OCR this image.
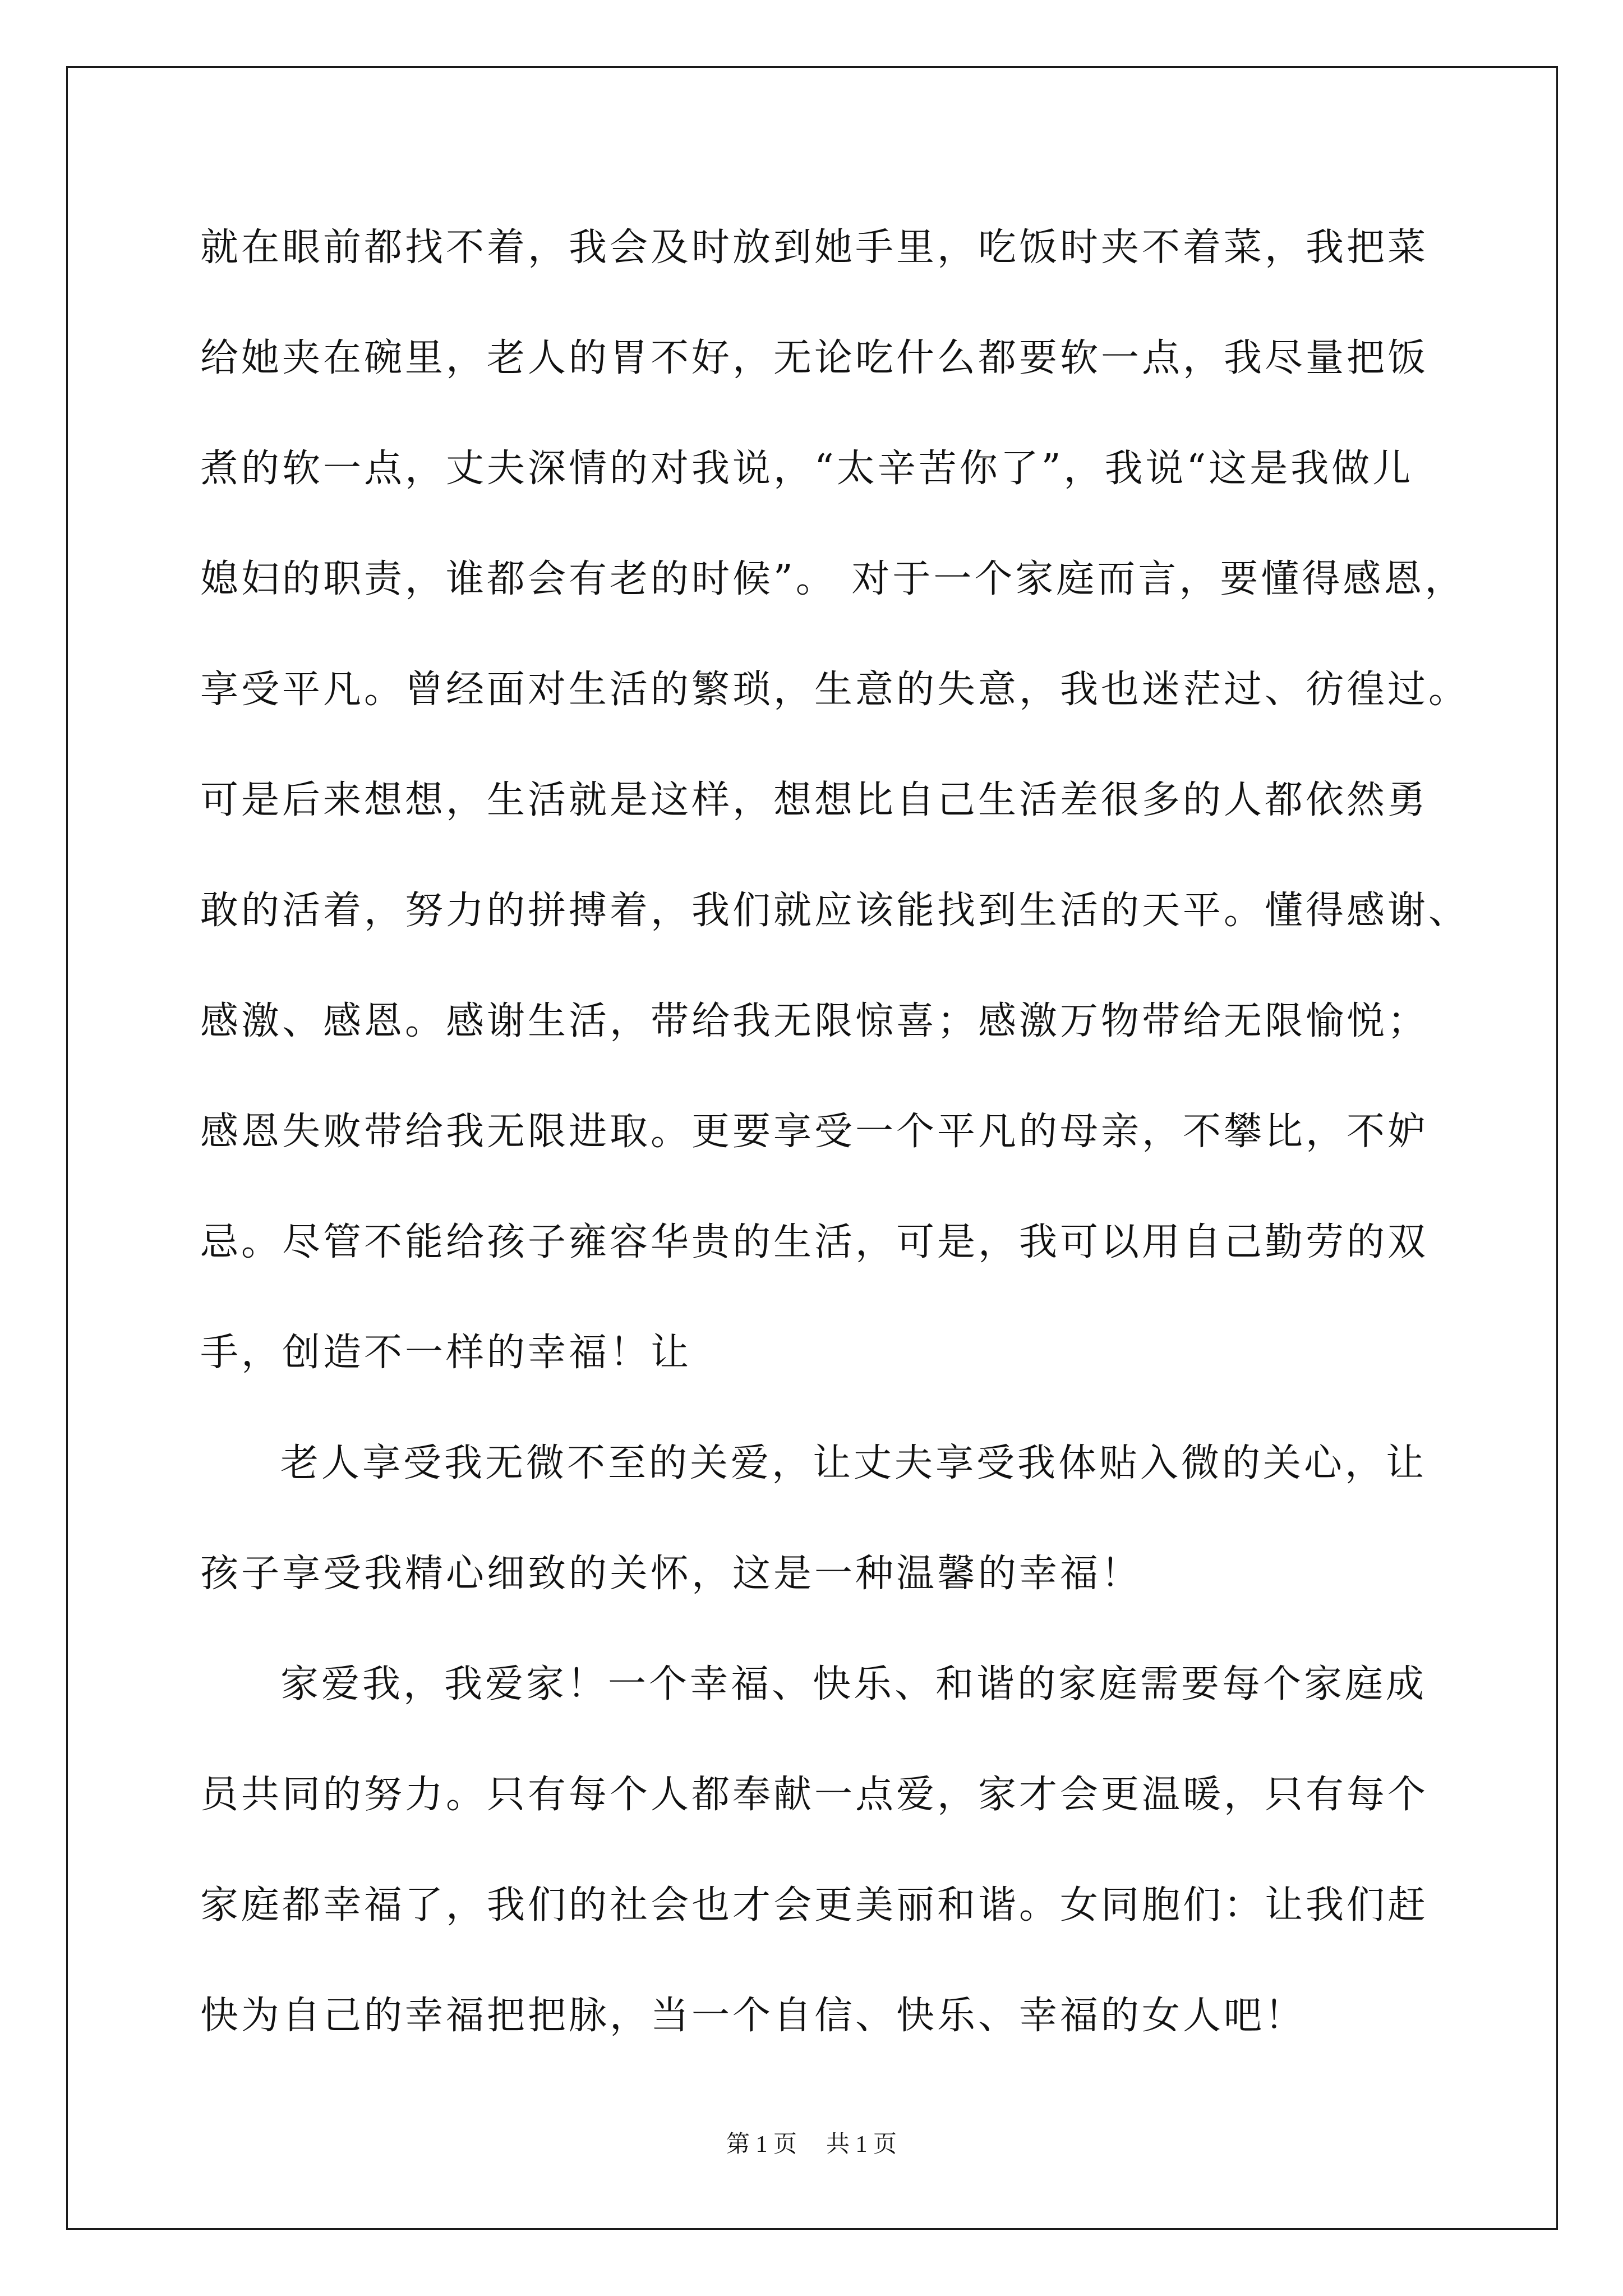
就在眼前都找不着，我会及时放到她手里，吃饭时夹不着菜，我把菜

给她夹在碗里，老人的胃不好，无论吃什么都要软一点，我尽量把饭

煮的软一点，丈夫深情的对我说，“太辛苦你了”，我说“这是我做儿

媳妇的职责，谁都会有老的时候”。 对于一个家庭而言，要懂得感恩，

享受平凡。曾经面对生活的繁琐，生意的失意，我也迷茫过、彷徨过。

可是后来想想，生活就是这样，想想比自己生活差很多的人都依然勇

敢的活着，努力的拼搏着，我们就应该能找到生活的天平。懂得感谢、

感激、感恩。感谢生活，带给我无限惊喜；感激万物带给无限愉悦；

感恩失败带给我无限进取。更要享受一个平凡的母亲，不攀比，不妒

忌。尽管不能给孩子雍容华贵的生活，可是，我可以用自己勤劳的双

手，创造不一样的幸福！让

老人享受我无微不至的关爱，让丈夫享受我体贴入微的关心，让

孩子享受我精心细致的关怀，这是一种温馨的幸福！

家爱我，我爱家！一个幸福、快乐、和谐的家庭需要每个家庭成

员共同的努力。只有每个人都奉献一点爱，家才会更温暖，只有每个

家庭都幸福了，我们的社会也才会更美丽和谐。女同胞们：让我们赶

快为自己的幸福把把脉，当一个自信、快乐、幸福的女人吧！

第 1 页 共 1 页
